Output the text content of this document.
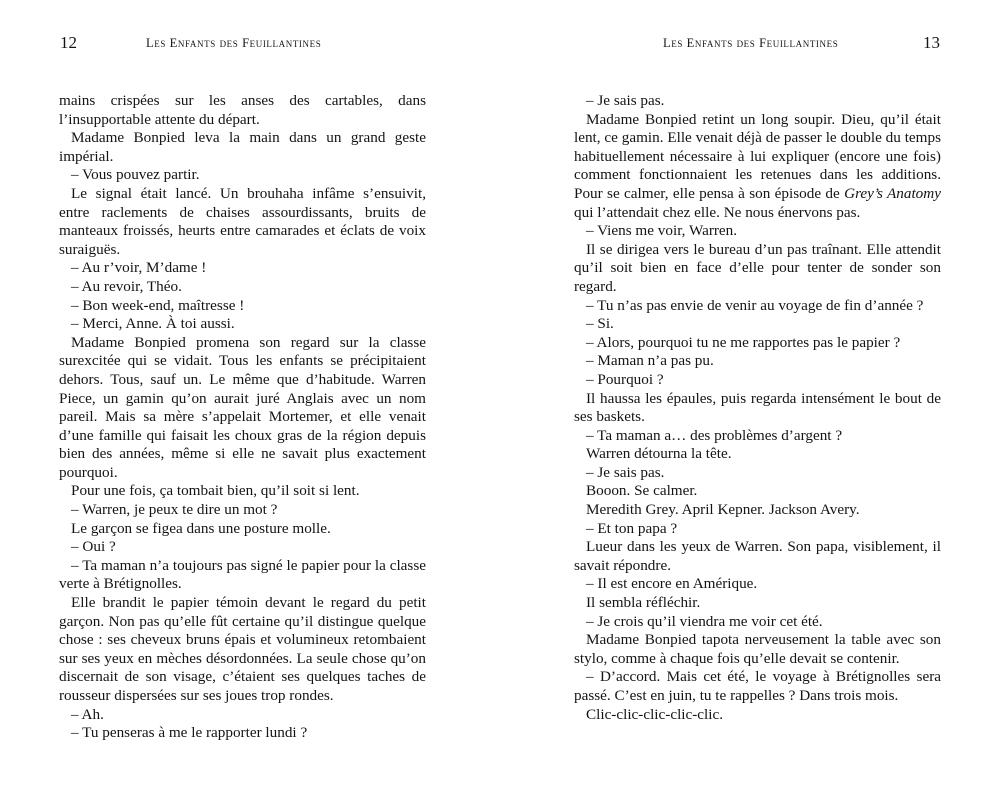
12	Les Enfants des Feuillantines

mains crispées sur les anses des cartables, dans l’insupportable attente du départ.

Madame Bonpied leva la main dans un grand geste impérial.

– Vous pouvez partir.

Le signal était lancé. Un brouhaha infâme s’ensuivit, entre raclements de chaises assourdissants, bruits de manteaux froissés, heurts entre camarades et éclats de voix suraiguës.

– Au r’voir, M’dame !

– Au revoir, Théo.

– Bon week-end, maîtresse !

– Merci, Anne. À toi aussi.

Madame Bonpied promena son regard sur la classe surexcitée qui se vidait. Tous les enfants se précipitaient dehors. Tous, sauf un. Le même que d’habitude. Warren Piece, un gamin qu’on aurait juré Anglais avec un nom pareil. Mais sa mère s’appelait Mortemer, et elle venait d’une famille qui faisait les choux gras de la région depuis bien des années, même si elle ne savait plus exactement pourquoi.

Pour une fois, ça tombait bien, qu’il soit si lent.

– Warren, je peux te dire un mot ?

Le garçon se figea dans une posture molle.

– Oui ?

– Ta maman n’a toujours pas signé le papier pour la classe verte à Brétignolles.

Elle brandit le papier témoin devant le regard du petit garçon. Non pas qu’elle fût certaine qu’il distingue quelque chose : ses cheveux bruns épais et volumineux retombaient sur ses yeux en mèches désordonnées. La seule chose qu’on discernait de son visage, c’étaient ses quelques taches de rousseur dispersées sur ses joues trop rondes.

– Ah.

– Tu penseras à me le rapporter lundi ?

Les Enfants des Feuillantines	13

– Je sais pas.

Madame Bonpied retint un long soupir. Dieu, qu’il était lent, ce gamin. Elle venait déjà de passer le double du temps habituellement nécessaire à lui expliquer (encore une fois) comment fonctionnaient les retenues dans les additions. Pour se calmer, elle pensa à son épisode de Grey’s Anatomy qui l’attendait chez elle. Ne nous énervons pas.

– Viens me voir, Warren.

Il se dirigea vers le bureau d’un pas traînant. Elle attendit qu’il soit bien en face d’elle pour tenter de sonder son regard.

– Tu n’as pas envie de venir au voyage de fin d’année ?

– Si.

– Alors, pourquoi tu ne me rapportes pas le papier ?

– Maman n’a pas pu.

– Pourquoi ?

Il haussa les épaules, puis regarda intensément le bout de ses baskets.

– Ta maman a… des problèmes d’argent ?

Warren détourna la tête.

– Je sais pas.

Booon. Se calmer.

Meredith Grey. April Kepner. Jackson Avery.

– Et ton papa ?

Lueur dans les yeux de Warren. Son papa, visiblement, il savait répondre.

– Il est encore en Amérique.

Il sembla réfléchir.

– Je crois qu’il viendra me voir cet été.

Madame Bonpied tapota nerveusement la table avec son stylo, comme à chaque fois qu’elle devait se contenir.

– D’accord. Mais cet été, le voyage à Brétignolles sera passé. C’est en juin, tu te rappelles ? Dans trois mois.

Clic-clic-clic-clic-clic.
